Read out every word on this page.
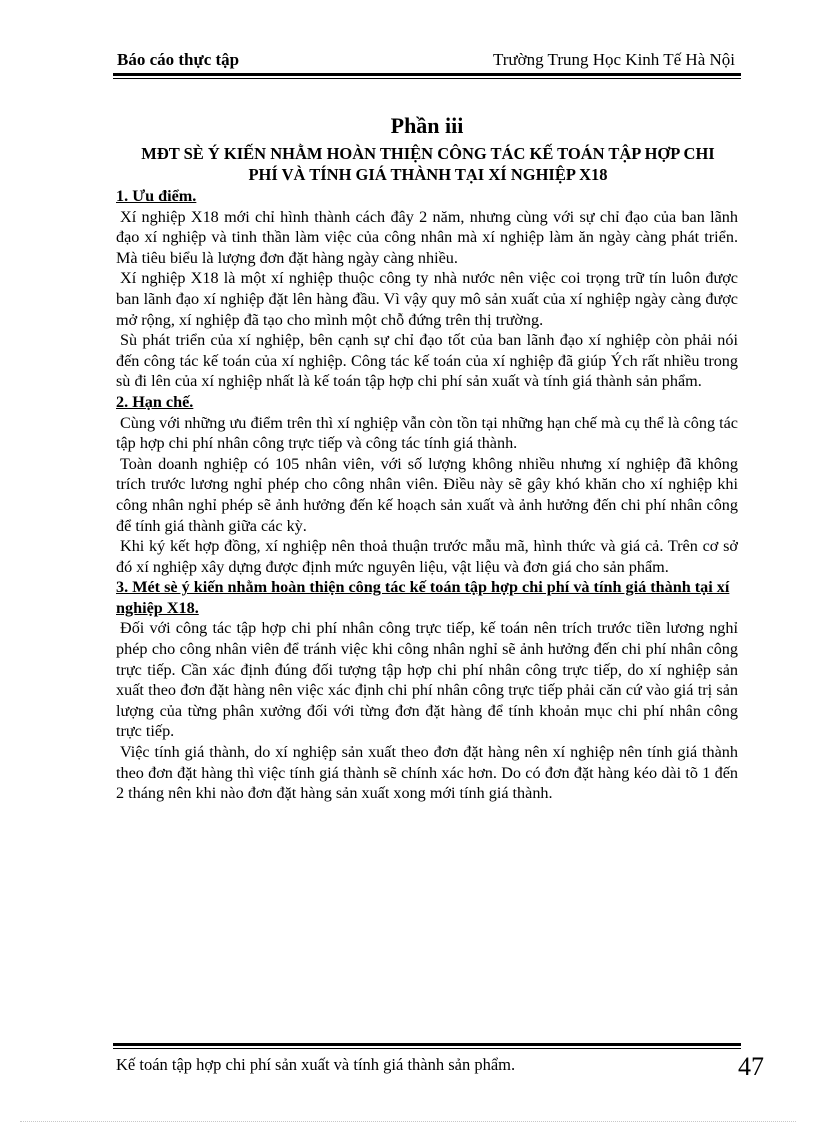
Báo cáo thực tập	Trường Trung Học Kinh Tế Hà Nội
Phần iii
MÐT SÈ Ý KIẾN NHẰM HOÀN THIỆN CÔNG TÁC KẾ TOÁN TẬP HỢP CHI PHÍ VÀ TÍNH GIÁ THÀNH TẠI XÍ NGHIỆP X18
1. Ưu điểm.

Xí nghiệp X18 mới chỉ hình thành cách đây 2 năm, nhưng cùng với sự chỉ đạo của ban lãnh đạo xí nghiệp và tinh thần làm việc của công nhân mà xí nghiệp làm ăn ngày càng phát triển. Mà tiêu biểu là lượng đơn đặt hàng ngày càng nhiều.

Xí nghiệp X18 là một xí nghiệp thuộc công ty nhà nước nên việc coi trọng trữ tín luôn được ban lãnh đạo xí nghiệp đặt lên hàng đầu. Vì vậy quy mô sản xuất của xí nghiệp ngày càng được mở rộng, xí nghiệp đã tạo cho mình một chỗ đứng trên thị trường.

Sù phát triển của xí nghiệp, bên cạnh sự chỉ đạo tốt của ban lãnh đạo xí nghiệp còn phải nói đến công tác kế toán của xí nghiệp. Công tác kế toán của xí nghiệp đã giúp Ých rất nhiều trong sù đi lên của xí nghiệp nhất là kế toán tập hợp chi phí sản xuất và tính giá thành sản phẩm.

2. Hạn chế.

Cùng với những ưu điểm trên thì xí nghiệp vẫn còn tồn tại những hạn chế mà cụ thể là công tác tập hợp chi phí nhân công trực tiếp và công tác tính giá thành.

Toàn doanh nghiệp có 105 nhân viên, với số lượng không nhiều nhưng xí nghiệp đã không trích trước lương nghỉ phép cho công nhân viên. Điều này sẽ gây khó khăn cho xí nghiệp khi công nhân nghỉ phép sẽ ảnh hưởng đến kế hoạch sản xuất và ảnh hưởng đến chi phí nhân công để tính giá thành giữa các kỳ.

Khi ký kết hợp đồng, xí nghiệp nên thoả thuận trước mẫu mã, hình thức và giá cả. Trên cơ sở đó xí nghiệp xây dựng được định mức nguyên liệu, vật liệu và đơn giá cho sản phẩm.

3. Mét sè ý kiến nhằm hoàn thiện công tác kế toán tập hợp chi phí và tính giá thành tại xí nghiệp X18.

Đối với công tác tập hợp chi phí nhân công trực tiếp, kế toán nên trích trước tiền lương nghỉ phép cho công nhân viên để tránh việc khi công nhân nghỉ sẽ ảnh hưởng đến chi phí nhân công trực tiếp. Cần xác định đúng đối tượng tập hợp chi phí nhân công trực tiếp, do xí nghiệp sản xuất theo đơn đặt hàng nên việc xác định chi phí nhân công trực tiếp phải căn cứ vào giá trị sản lượng của từng phân xưởng đối với từng đơn đặt hàng để tính khoản mục chi phí nhân công trực tiếp.

Việc tính giá thành, do xí nghiệp sản xuất theo đơn đặt hàng nên xí nghiệp nên tính giá thành theo đơn đặt hàng thì việc tính giá thành sẽ chính xác hơn. Do có đơn đặt hàng kéo dài tõ 1 đến 2 tháng nên khi nào đơn đặt hàng sản xuất xong mới tính giá thành.

Kế toán tập hợp chi phí sản xuất và tính giá thành sản phẩm.	47
